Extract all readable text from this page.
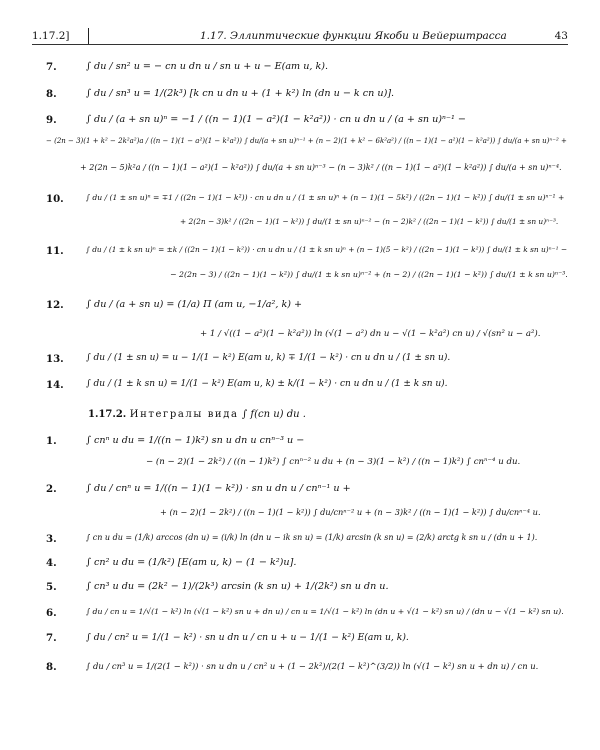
1.17.2]	1.17. Эллиптические функции Якоби и Вейерштрасса	43
7.	∫ du / sn² u = − cn u dn u / sn u + u − E(am u, k).
8.	∫ du / sn³ u = 1/(2k³) [k cn u dn u + (1 + k²) ln (dn u − k cn u)].
9.	∫ du / (a + sn u)ⁿ = −1 / ((n − 1)(1 − a²)(1 − k²a²)) · cn u dn u / (a + sn u)ⁿ⁻¹ −
− (2n − 3)(1 + k² − 2k²a²)a / ((n − 1)(1 − a²)(1 − k²a²)) ∫ du/(a + sn u)ⁿ⁻¹ + (n − 2)(1 + k² − 6k²a²) / ((n − 1)(1 − a²)(1 − k²a²)) ∫ du/(a + sn u)ⁿ⁻² +
+ 2(2n − 5)k²a / ((n − 1)(1 − a²)(1 − k²a²)) ∫ du/(a + sn u)ⁿ⁻³ − (n − 3)k² / ((n − 1)(1 − a²)(1 − k²a²)) ∫ du/(a + sn u)ⁿ⁻⁴.
10.	∫ du / (1 ± sn u)ⁿ = ∓1 / ((2n − 1)(1 − k²)) · cn u dn u / (1 ± sn u)ⁿ + (n − 1)(1 − 5k²) / ((2n − 1)(1 − k²)) ∫ du/(1 ± sn u)ⁿ⁻¹ +
+ 2(2n − 3)k² / ((2n − 1)(1 − k²)) ∫ du/(1 ± sn u)ⁿ⁻² − (n − 2)k² / ((2n − 1)(1 − k²)) ∫ du/(1 ± sn u)ⁿ⁻³.
11.	∫ du / (1 ± k sn u)ⁿ = ±k / ((2n − 1)(1 − k²)) · cn u dn u / (1 ± k sn u)ⁿ + (n − 1)(5 − k²) / ((2n − 1)(1 − k²)) ∫ du/(1 ± k sn u)ⁿ⁻¹ −
− 2(2n − 3) / ((2n − 1)(1 − k²)) ∫ du/(1 ± k sn u)ⁿ⁻² + (n − 2) / ((2n − 1)(1 − k²)) ∫ du/(1 ± k sn u)ⁿ⁻³.
12. ∫ du / (a + sn u) = (1/a) Π (am u, −1/a², k) +
+ 1 / √((1 − a²)(1 − k²a²)) ln (√(1 − a²) dn u − √(1 − k²a²) cn u) / √(sn² u − a²).
13. ∫ du / (1 ± sn u) = u − 1/(1 − k²) E(am u, k) ∓ 1/(1 − k²) · cn u dn u / (1 ± sn u).
14. ∫ du / (1 ± k sn u) = 1/(1 − k²) E(am u, k) ± k/(1 − k²) · cn u dn u / (1 ± k sn u).
1.17.2. Интегралы вида ∫ f(cn u) du .
1.	∫ cnⁿ u du = 1/((n − 1)k²) sn u dn u cnⁿ⁻³ u −
− (n − 2)(1 − 2k²) / ((n − 1)k²) ∫ cnⁿ⁻² u du + (n − 3)(1 − k²) / ((n − 1)k²) ∫ cnⁿ⁻⁴ u du.
2.	∫ du / cnⁿ u = 1/((n − 1)(1 − k²)) · sn u dn u / cnⁿ⁻¹ u +
+ (n − 2)(1 − 2k²) / ((n − 1)(1 − k²)) ∫ du/cnⁿ⁻² u + (n − 3)k² / ((n − 1)(1 − k²)) ∫ du/cnⁿ⁻⁴ u.
3.	∫ cn u du = (1/k) arccos (dn u) = (i/k) ln (dn u − ik sn u) = (1/k) arcsin (k sn u) = (2/k) arctg k sn u / (dn u + 1).
4.	∫ cn² u du = (1/k²) [E(am u, k) − (1 − k²)u].
5.	∫ cn³ u du = (2k² − 1)/(2k³) arcsin (k sn u) + 1/(2k²) sn u dn u.
6.	∫ du / cn u = 1/√(1 − k²) ln (√(1 − k²) sn u + dn u) / cn u = 1/√(1 − k²) ln (dn u + √(1 − k²) sn u) / (dn u − √(1 − k²) sn u).
7.	∫ du / cn² u = 1/(1 − k²) · sn u dn u / cn u + u − 1/(1 − k²) E(am u, k).
8.	∫ du / cn³ u = 1/(2(1 − k²)) · sn u dn u / cn² u + (1 − 2k²)/(2(1 − k²)^(3/2)) ln (√(1 − k²) sn u + dn u) / cn u.
